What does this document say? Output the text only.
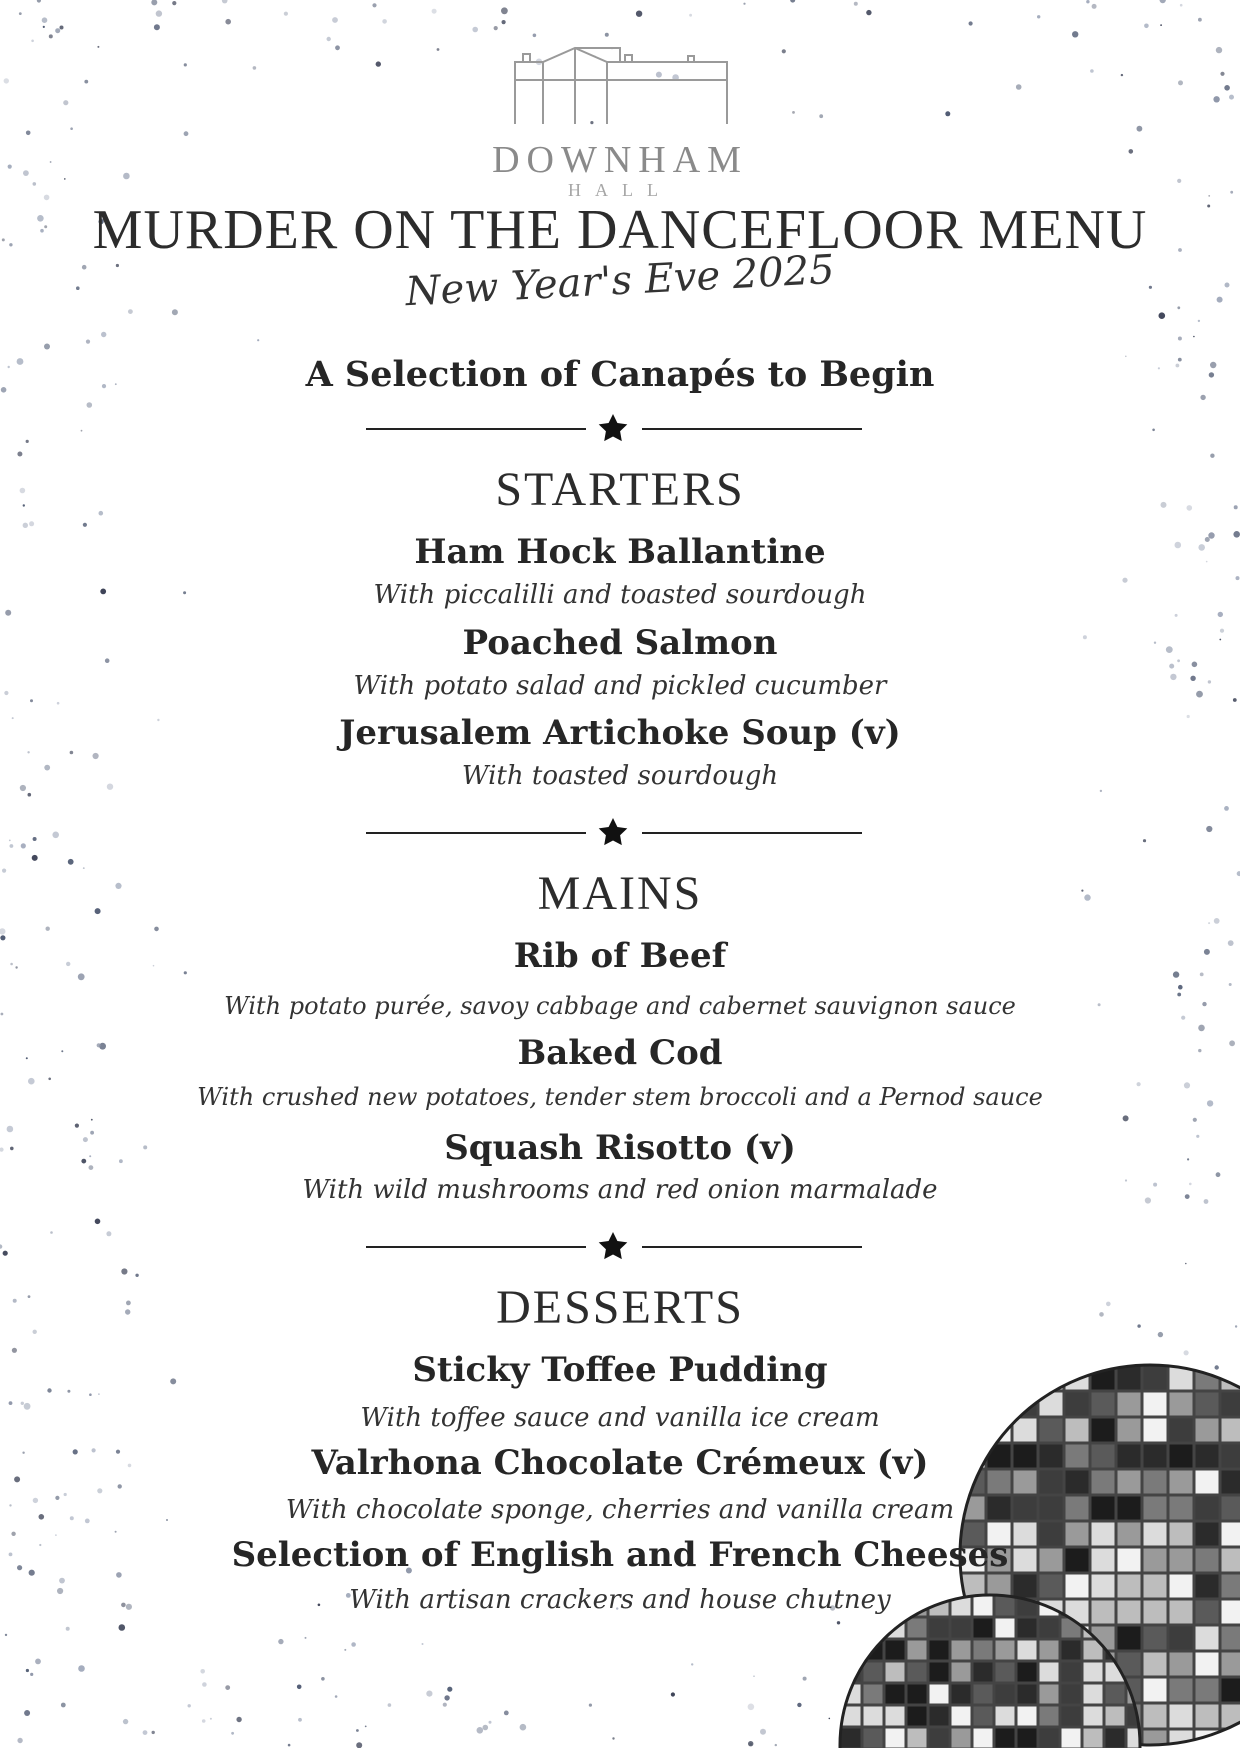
DOWNHAM
HALL
MURDER ON THE DANCEFLOOR MENU
New Year's Eve 2025
A Selection of Canapés to Begin
STARTERS
Ham Hock Ballantine
With piccalilli and toasted sourdough
Poached Salmon
With potato salad and pickled cucumber
Jerusalem Artichoke Soup (v)
With toasted sourdough
MAINS
Rib of Beef
With potato purée, savoy cabbage and cabernet sauvignon sauce
Baked Cod
With crushed new potatoes, tender stem broccoli and a Pernod sauce
Squash Risotto (v)
With wild mushrooms and red onion marmalade
DESSERTS
Sticky Toffee Pudding
With toffee sauce and vanilla ice cream
Valrhona Chocolate Crémeux (v)
With chocolate sponge, cherries and vanilla cream
Selection of English and French Cheeses
With artisan crackers and house chutney
